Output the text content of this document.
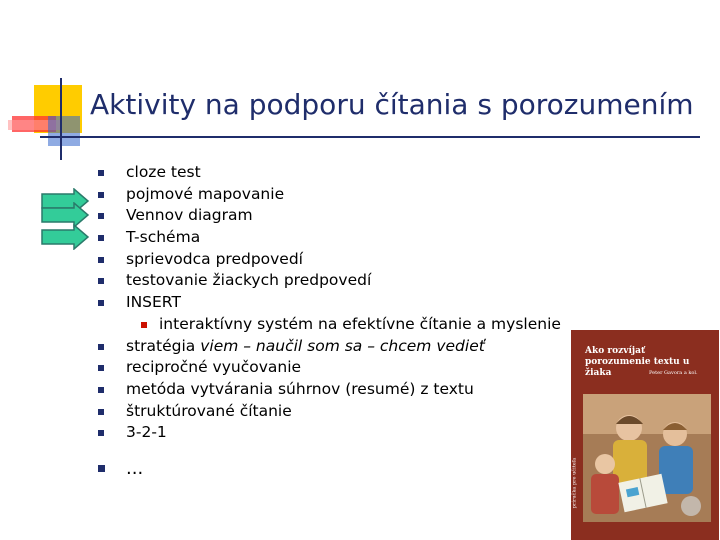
Aktivity na podporu čítania s porozumením
cloze test
pojmové mapovanie
Vennov diagram
T-schéma
sprievodca predpovedí
testovanie žiackych predpovedí
INSERT
interaktívny systém na efektívne čítanie a myslenie
stratégia viem – naučil som sa – chcem vedieť
recipročné vyučovanie
metóda vytvárania súhrnov (resumé) z textu
štruktúrované čítanie
3-2-1
...
Ako rozvíjať porozumenie textu u žiaka	Peter Gavora a kol.
príručka pre učiteľa
